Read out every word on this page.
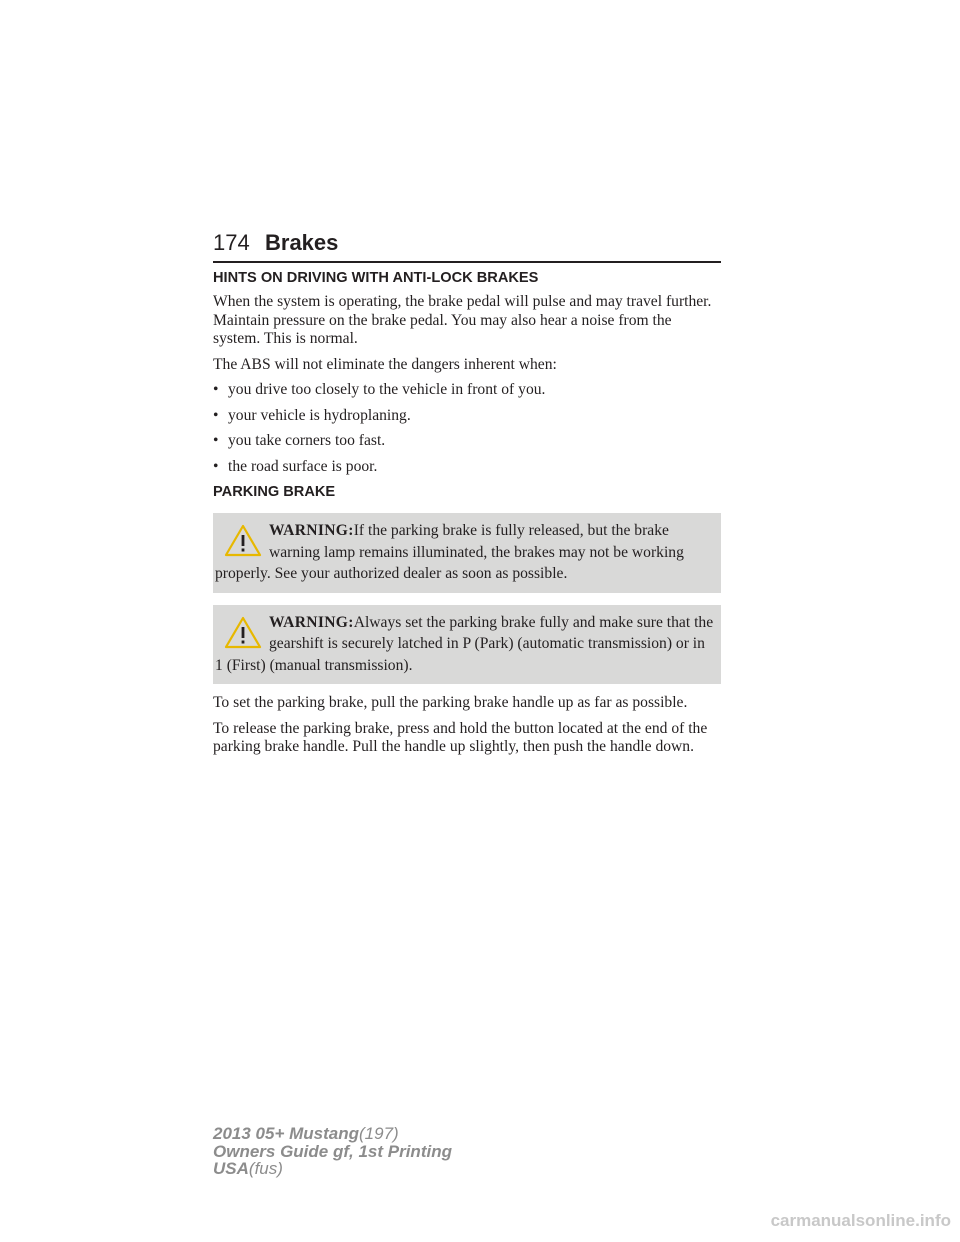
174 Brakes
HINTS ON DRIVING WITH ANTI-LOCK BRAKES

When the system is operating, the brake pedal will pulse and may travel further. Maintain pressure on the brake pedal. You may also hear a noise from the system. This is normal.

The ABS will not eliminate the dangers inherent when:

• you drive too closely to the vehicle in front of you.
• your vehicle is hydroplaning.
• you take corners too fast.
• the road surface is poor.
PARKING BRAKE
WARNING:If the parking brake is fully released, but the brake warning lamp remains illuminated, the brakes may not be working properly. See your authorized dealer as soon as possible.
WARNING:Always set the parking brake fully and make sure that the gearshift is securely latched in P (Park) (automatic transmission) or in 1 (First) (manual transmission).

To set the parking brake, pull the parking brake handle up as far as possible.

To release the parking brake, press and hold the button located at the end of the parking brake handle. Pull the handle up slightly, then push the handle down.

2013 05+ Mustang(197)
Owners Guide gf, 1st Printing
USA(fus)
carmanualsonline.info
